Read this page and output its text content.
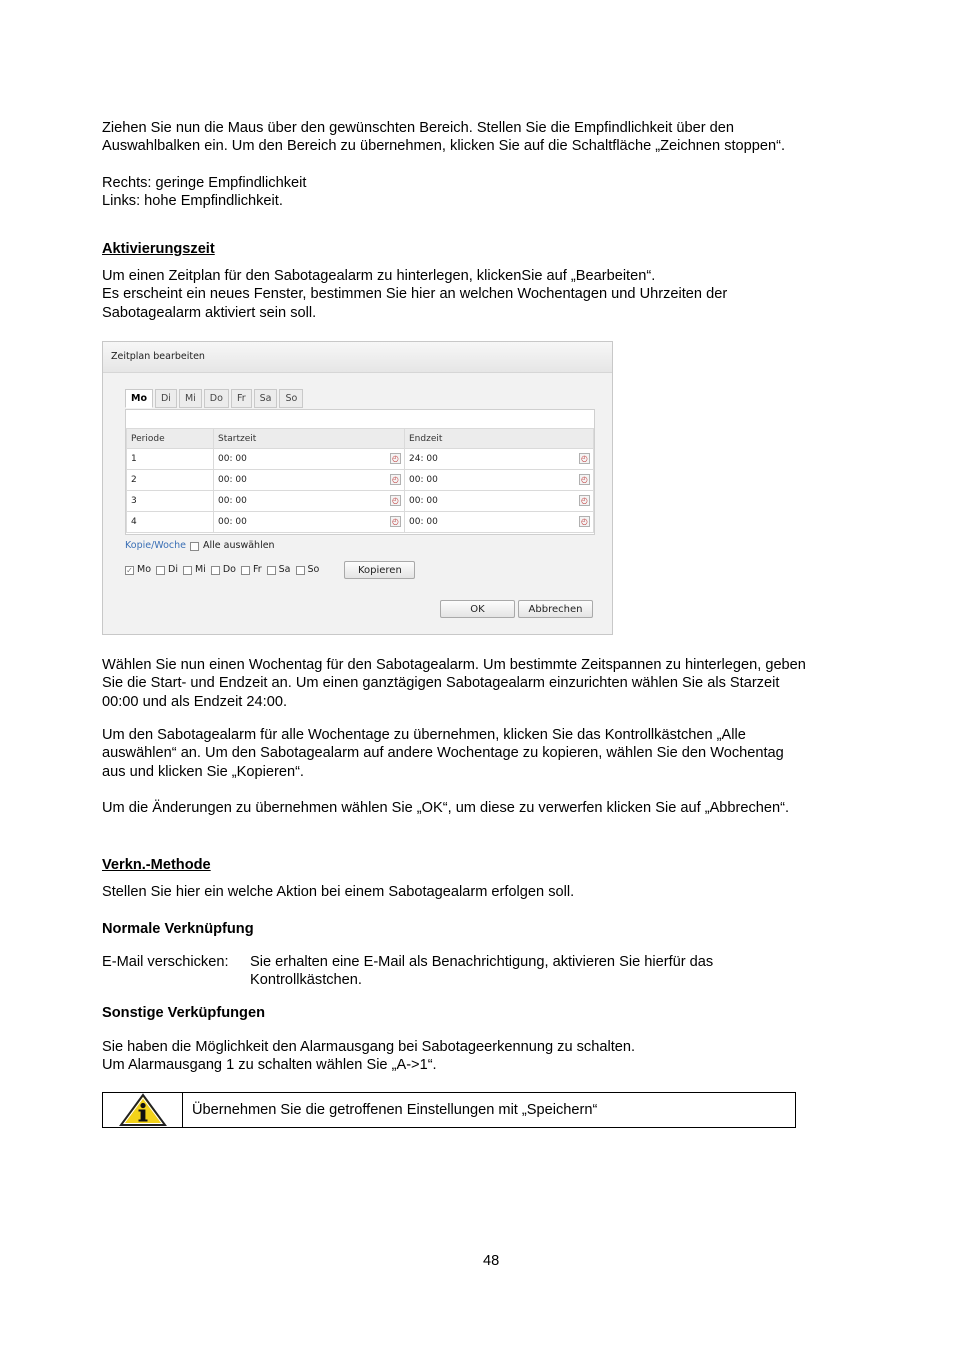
Ziehen Sie nun die Maus über den gewünschten Bereich. Stellen Sie die Empfindlichkeit über den
Auswahlbalken ein. Um den Bereich zu übernehmen, klicken Sie auf die Schaltfläche „Zeichnen stoppen“.

Rechts: geringe Empfindlichkeit
Links: hohe Empfindlichkeit.

Aktivierungszeit

Um einen Zeitplan für den Sabotagealarm zu hinterlegen, klickenSie auf „Bearbeiten“.
Es erscheint ein neues Fenster, bestimmen Sie hier an welchen Wochentagen und Uhrzeiten der
Sabotagealarm aktiviert sein soll.

Zeitplan bearbeiten
Mo	Di	Mi	Do	Fr	Sa	So
Periode	Startzeit	Endzeit
1	00: 00 ◴	24: 00 ◴

2	00: 00 ◴	00: 00 ◴

3	00: 00 ◴	00: 00 ◴

4	00: 00 ◴	00: 00 ◴
Kopie/Woche Alle auswählen
✓ Mo Di Mi Do Fr Sa So	Kopieren
OK	Abbrechen

Wählen Sie nun einen Wochentag für den Sabotagealarm. Um bestimmte Zeitspannen zu hinterlegen, geben
Sie die Start- und Endzeit an. Um einen ganztägigen Sabotagealarm einzurichten wählen Sie als Starzeit
00:00 und als Endzeit 24:00.

Um den Sabotagealarm für alle Wochentage zu übernehmen, klicken Sie das Kontrollkästchen „Alle
auswählen“ an. Um den Sabotagealarm auf andere Wochentage zu kopieren, wählen Sie den Wochentag
aus und klicken Sie „Kopieren“.

Um die Änderungen zu übernehmen wählen Sie „OK“, um diese zu verwerfen klicken Sie auf „Abbrechen“.

Verkn.-Methode

Stellen Sie hier ein welche Aktion bei einem Sabotagealarm erfolgen soll.

Normale Verknüpfung
E-Mail verschicken: Sie erhalten eine E-Mail als Benachrichtigung, aktivieren Sie hierfür das
Kontrollkästchen.

Sonstige Verküpfungen

Sie haben die Möglichkeit den Alarmausgang bei Sabotageerkennung zu schalten.
Um Alarmausgang 1 zu schalten wählen Sie „A->1“.

Übernehmen Sie die getroffenen Einstellungen mit „Speichern“
48
